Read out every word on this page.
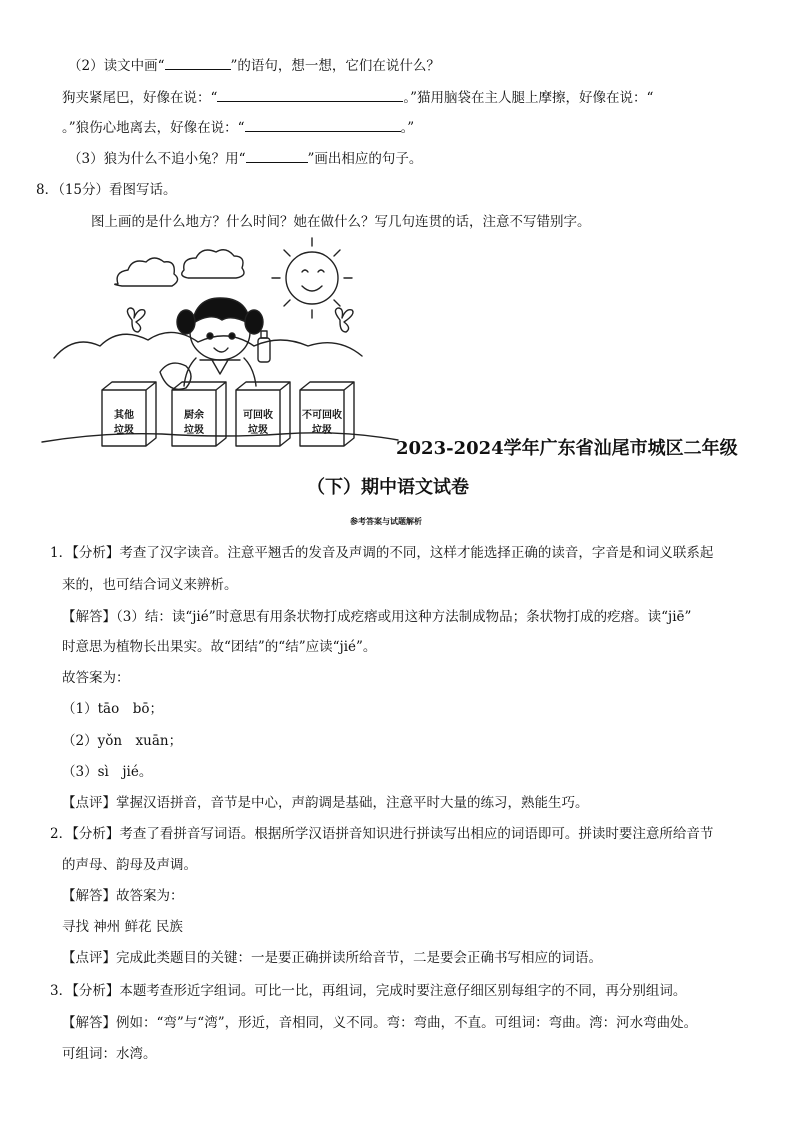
（2）读文中画“	”的语句，想一想，它们在说什么？
狗夹紧尾巴，好像在说：“	。”猫用脑袋在主人腿上摩擦，好像在说：“
。”狼伤心地离去，好像在说：“	。”
（3）狼为什么不追小兔？用“	”画出相应的句子。
8．（15分）看图写话。
图上画的是什么地方？什么时间？她在做什么？写几句连贯的话，注意不写错别字。
其他
垃圾
厨余
垃圾
可回收
垃圾
不可回收
垃圾
2023-2024学年广东省汕尾市城区二年级
（下）期中语文试卷
参考答案与试题解析
1．【分析】考查了汉字读音。注意平翘舌的发音及声调的不同，这样才能选择正确的读音，字音是和词义联系起
来的，也可结合词义来辨析。
【解答】（3）结：读“jié”时意思有用条状物打成疙瘩或用这种方法制成物品；条状物打成的疙瘩。读“jiē”
时意思为植物长出果实。故“团结”的“结”应读“jié”。
故答案为：
（1）tāo　bō；
（2）yǒn　xuān；
（3）sì　jié。
【点评】掌握汉语拼音，音节是中心，声韵调是基础，注意平时大量的练习，熟能生巧。
2．【分析】考查了看拼音写词语。根据所学汉语拼音知识进行拼读写出相应的词语即可。拼读时要注意所给音节
的声母、韵母及声调。
【解答】故答案为：
寻找 神州 鲜花 民族
【点评】完成此类题目的关键：一是要正确拼读所给音节，二是要会正确书写相应的词语。
3．【分析】本题考查形近字组词。可比一比，再组词，完成时要注意仔细区别每组字的不同，再分别组词。
【解答】例如：“弯”与“湾”，形近，音相同，义不同。弯：弯曲，不直。可组词：弯曲。湾：河水弯曲处。
可组词：水湾。
